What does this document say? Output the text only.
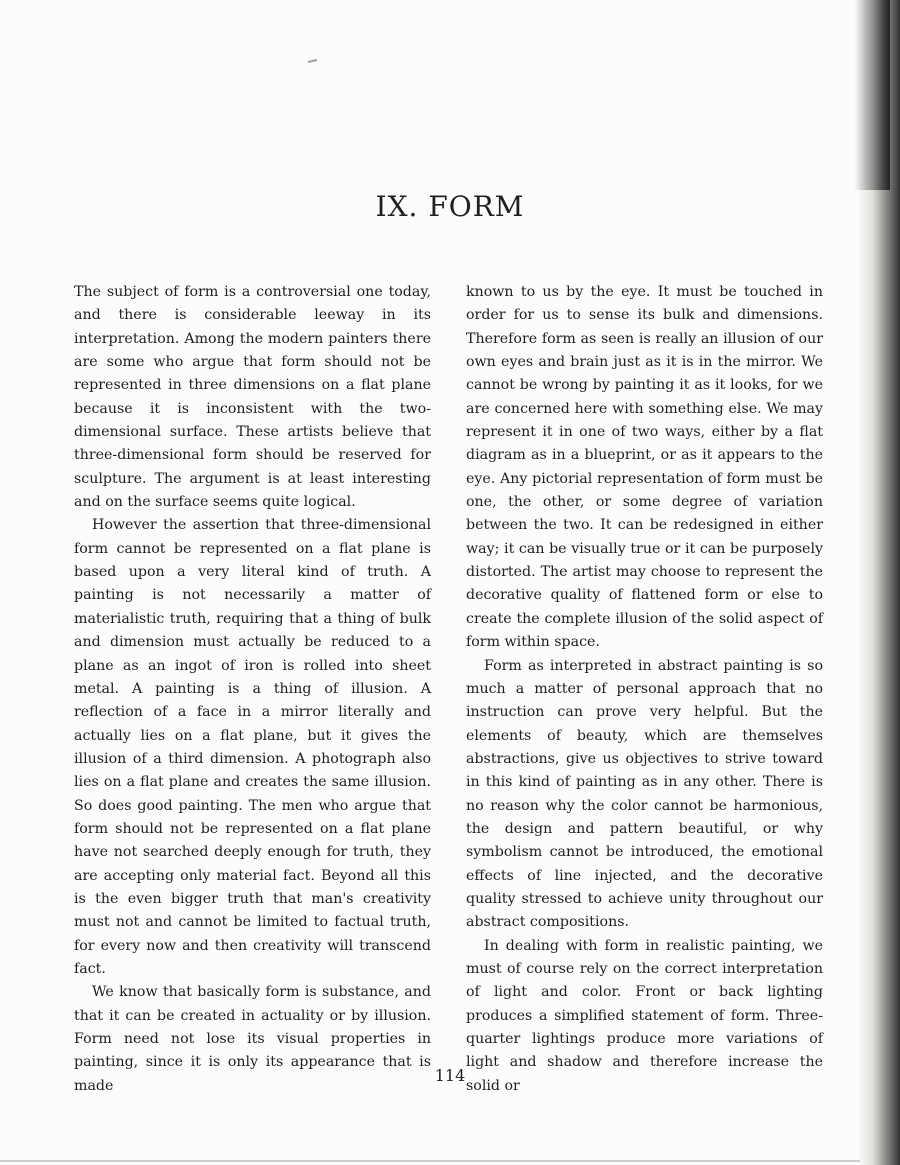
IX. FORM

The subject of form is a controversial one today, and there is considerable leeway in its interpretation. Among the modern painters there are some who argue that form should not be represented in three dimensions on a flat plane because it is inconsistent with the two-dimensional surface. These artists believe that three-dimensional form should be reserved for sculpture. The argument is at least interesting and on the surface seems quite logical.

However the assertion that three-dimensional form cannot be represented on a flat plane is based upon a very literal kind of truth. A painting is not necessarily a matter of materialistic truth, requiring that a thing of bulk and dimension must actually be reduced to a plane as an ingot of iron is rolled into sheet metal. A painting is a thing of illusion. A reflection of a face in a mirror literally and actually lies on a flat plane, but it gives the illusion of a third dimension. A photograph also lies on a flat plane and creates the same illusion. So does good painting. The men who argue that form should not be represented on a flat plane have not searched deeply enough for truth, they are accepting only material fact. Beyond all this is the even bigger truth that man's creativity must not and cannot be limited to factual truth, for every now and then creativity will transcend fact.

We know that basically form is substance, and that it can be created in actuality or by illusion. Form need not lose its visual properties in painting, since it is only its appearance that is made

known to us by the eye. It must be touched in order for us to sense its bulk and dimensions. Therefore form as seen is really an illusion of our own eyes and brain just as it is in the mirror. We cannot be wrong by painting it as it looks, for we are concerned here with something else. We may represent it in one of two ways, either by a flat diagram as in a blueprint, or as it appears to the eye. Any pictorial representation of form must be one, the other, or some degree of variation between the two. It can be redesigned in either way; it can be visually true or it can be purposely distorted. The artist may choose to represent the decorative quality of flattened form or else to create the complete illusion of the solid aspect of form within space.

Form as interpreted in abstract painting is so much a matter of personal approach that no instruction can prove very helpful. But the elements of beauty, which are themselves abstractions, give us objectives to strive toward in this kind of painting as in any other. There is no reason why the color cannot be harmonious, the design and pattern beautiful, or why symbolism cannot be introduced, the emotional effects of line injected, and the decorative quality stressed to achieve unity throughout our abstract compositions.

In dealing with form in realistic painting, we must of course rely on the correct interpretation of light and color. Front or back lighting produces a simplified statement of form. Three-quarter lightings produce more variations of light and shadow and therefore increase the solid or

114
